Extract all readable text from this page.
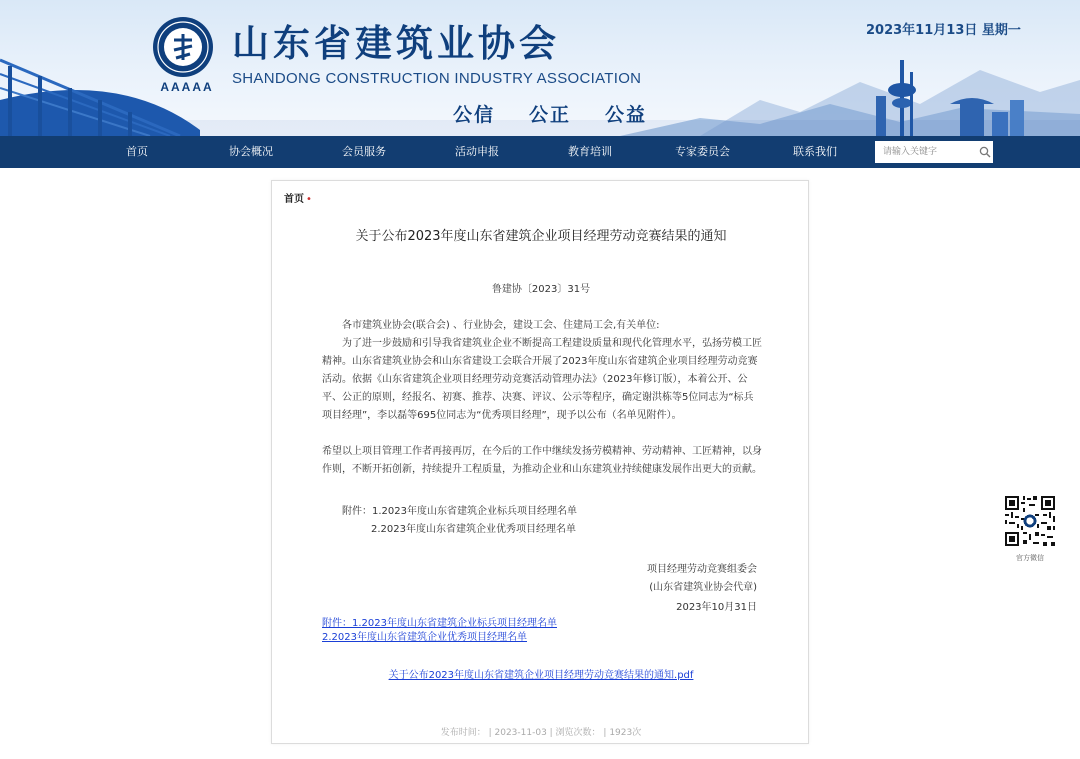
AAAAA
山东省建筑业协会
SHANDONG CONSTRUCTION INDUSTRY ASSOCIATION
公信 公正 公益
2023年11月13日 星期一
首页	协会概况	会员服务	活动申报	教育培训	专家委员会	联系我们
请输入关键字
首页 •
关于公布2023年度山东省建筑企业项目经理劳动竞赛结果的通知
鲁建协〔2023〕31号
各市建筑业协会(联合会) 、行业协会，建设工会、住建局工会,有关单位:
为了进一步鼓励和引导我省建筑业企业不断提高工程建设质量和现代化管理水平，弘扬劳模工匠精神。山东省建筑业协会和山东省建设工会联合开展了2023年度山东省建筑企业项目经理劳动竞赛活动。依据《山东省建筑企业项目经理劳动竞赛活动管理办法》（2023年修订版），本着公开、公平、公正的原则，经报名、初赛、推荐、决赛、评议、公示等程序，确定谢洪栋等5位同志为“标兵项目经理”，李以磊等695位同志为“优秀项目经理”，现予以公布（名单见附件）。
希望以上项目管理工作者再接再厉，在今后的工作中继续发扬劳模精神、劳动精神、工匠精神，以身作则，不断开拓创新，持续提升工程质量，为推动企业和山东建筑业持续健康发展作出更大的贡献。
附件：1.2023年度山东省建筑企业标兵项目经理名单
2.2023年度山东省建筑企业优秀项目经理名单
项目经理劳动竞赛组委会
(山东省建筑业协会代章)
2023年10月31日
附件：1.2023年度山东省建筑企业标兵项目经理名单
2.2023年度山东省建筑企业优秀项目经理名单
关于公布2023年度山东省建筑企业项目经理劳动竞赛结果的通知.pdf
发布时间： | 2023-11-03 | 浏览次数： | 1923次
官方微信
